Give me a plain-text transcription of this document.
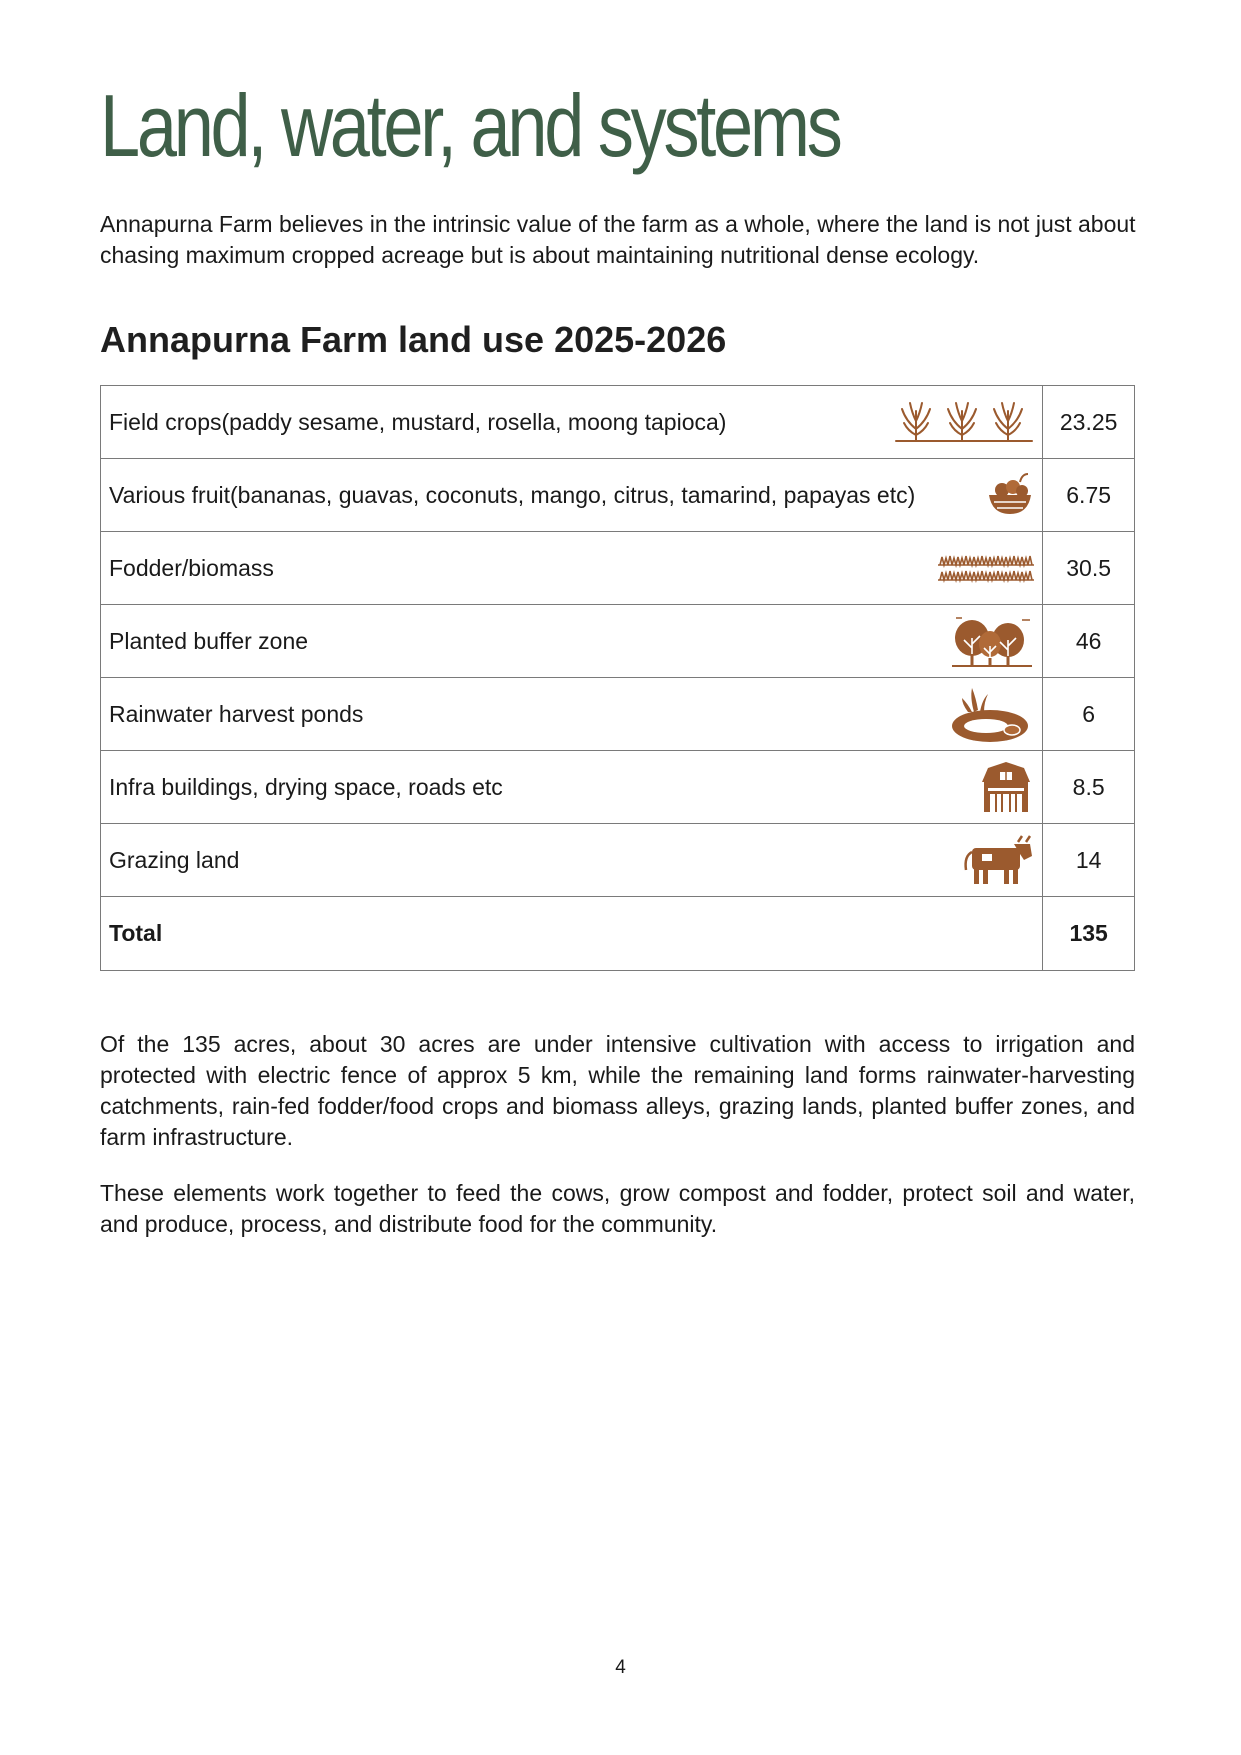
Land, water, and systems

Annapurna Farm believes in the intrinsic value of the farm as a whole, where the land is not just about chasing maximum cropped acreage but is about maintaining nutritional dense ecology.

Annapurna Farm land use 2025-2026
Field crops(paddy sesame, mustard, rosella, moong tapioca)	23.25

Various fruit(bananas, guavas, coconuts, mango, citrus, tamarind, papayas etc)	6.75

Fodder/biomass	30.5

Planted buffer zone	46

Rainwater harvest ponds	6

Infra buildings, drying space, roads etc	8.5

Grazing land	14

Total	135

Of the 135 acres, about 30 acres are under intensive cultivation with access to irrigation and protected with electric fence of approx 5 km, while the remaining land forms rainwater-harvesting catchments, rain-fed fodder/food crops and biomass alleys, grazing lands, planted buffer zones, and farm infrastructure.

These elements work together to feed the cows, grow compost and fodder, protect soil and water, and produce, process, and distribute food for the community.

4
